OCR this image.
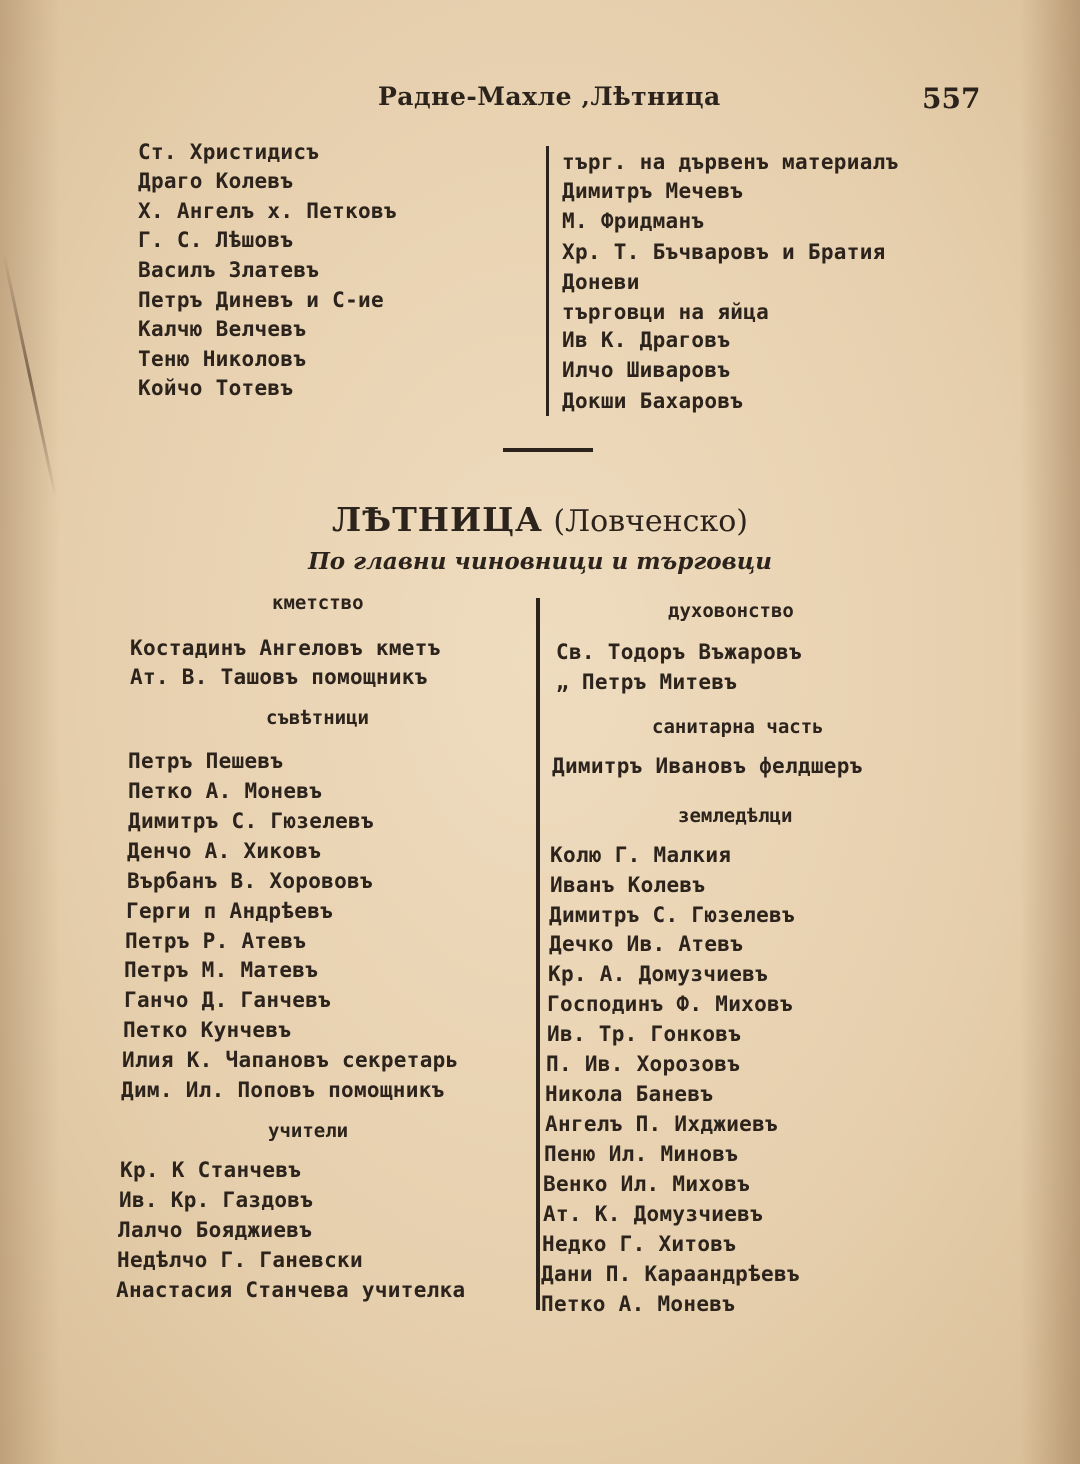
Радне-Махле ‚Лѣтница	557
Ст. Христидисъ
Драго Колевъ
Х. Ангелъ х. Петковъ
Г. С. Лѣшовъ
Василъ Златевъ
Петръ Диневъ и С-ие
Калчю Велчевъ
Теню Николовъ
Койчо Тотевъ
търг. на дървенъ материалъ
Димитръ Мечевъ
М. Фридманъ
Хр. Т. Бъчваровъ и Братия
Доневи
търговци на яйца
Ив К. Драговъ
Илчо Шиваровъ
Докши Бахаровъ
ЛѢТНИЦА (Ловченско)
По главни чиновници и търговци
кметство
Костадинъ Ангеловъ кметъ
Ат. В. Ташовъ помощникъ
съвѣтници
Петръ Пешевъ
Петко А. Моневъ
Димитръ С. Гюзелевъ
Денчо А. Хиковъ
Върбанъ В. Хорововъ
Герги п Андрѣевъ
Петръ Р. Атевъ
Петръ М. Матевъ
Ганчо Д. Ганчевъ
Петко Кунчевъ
Илия К. Чапановъ секретарь
Дим. Ил. Поповъ помощникъ
учители
Кр. К Станчевъ
Ив. Кр. Газдовъ
Лалчо Бояджиевъ
Недѣлчо Г. Ганевски
Анастасия Станчева учителка
духовонство
Св. Тодоръ Въжаровъ
„ Петръ Митевъ
санитарна часть
Димитръ Ивановъ фелдшеръ
земледѣлци
Колю Г. Малкия
Иванъ Колевъ
Димитръ С. Гюзелевъ
Дечко Ив. Атевъ
Кр. А. Домузчиевъ
Господинъ Ф. Миховъ
Ив. Тр. Гонковъ
П. Ив. Хорозовъ
Никола Баневъ
Ангелъ П. Ихджиевъ
Пеню Ил. Миновъ
Венко Ил. Миховъ
Ат. К. Домузчиевъ
Недко Г. Хитовъ
Дани П. Караандрѣевъ
Петко А. Моневъ
